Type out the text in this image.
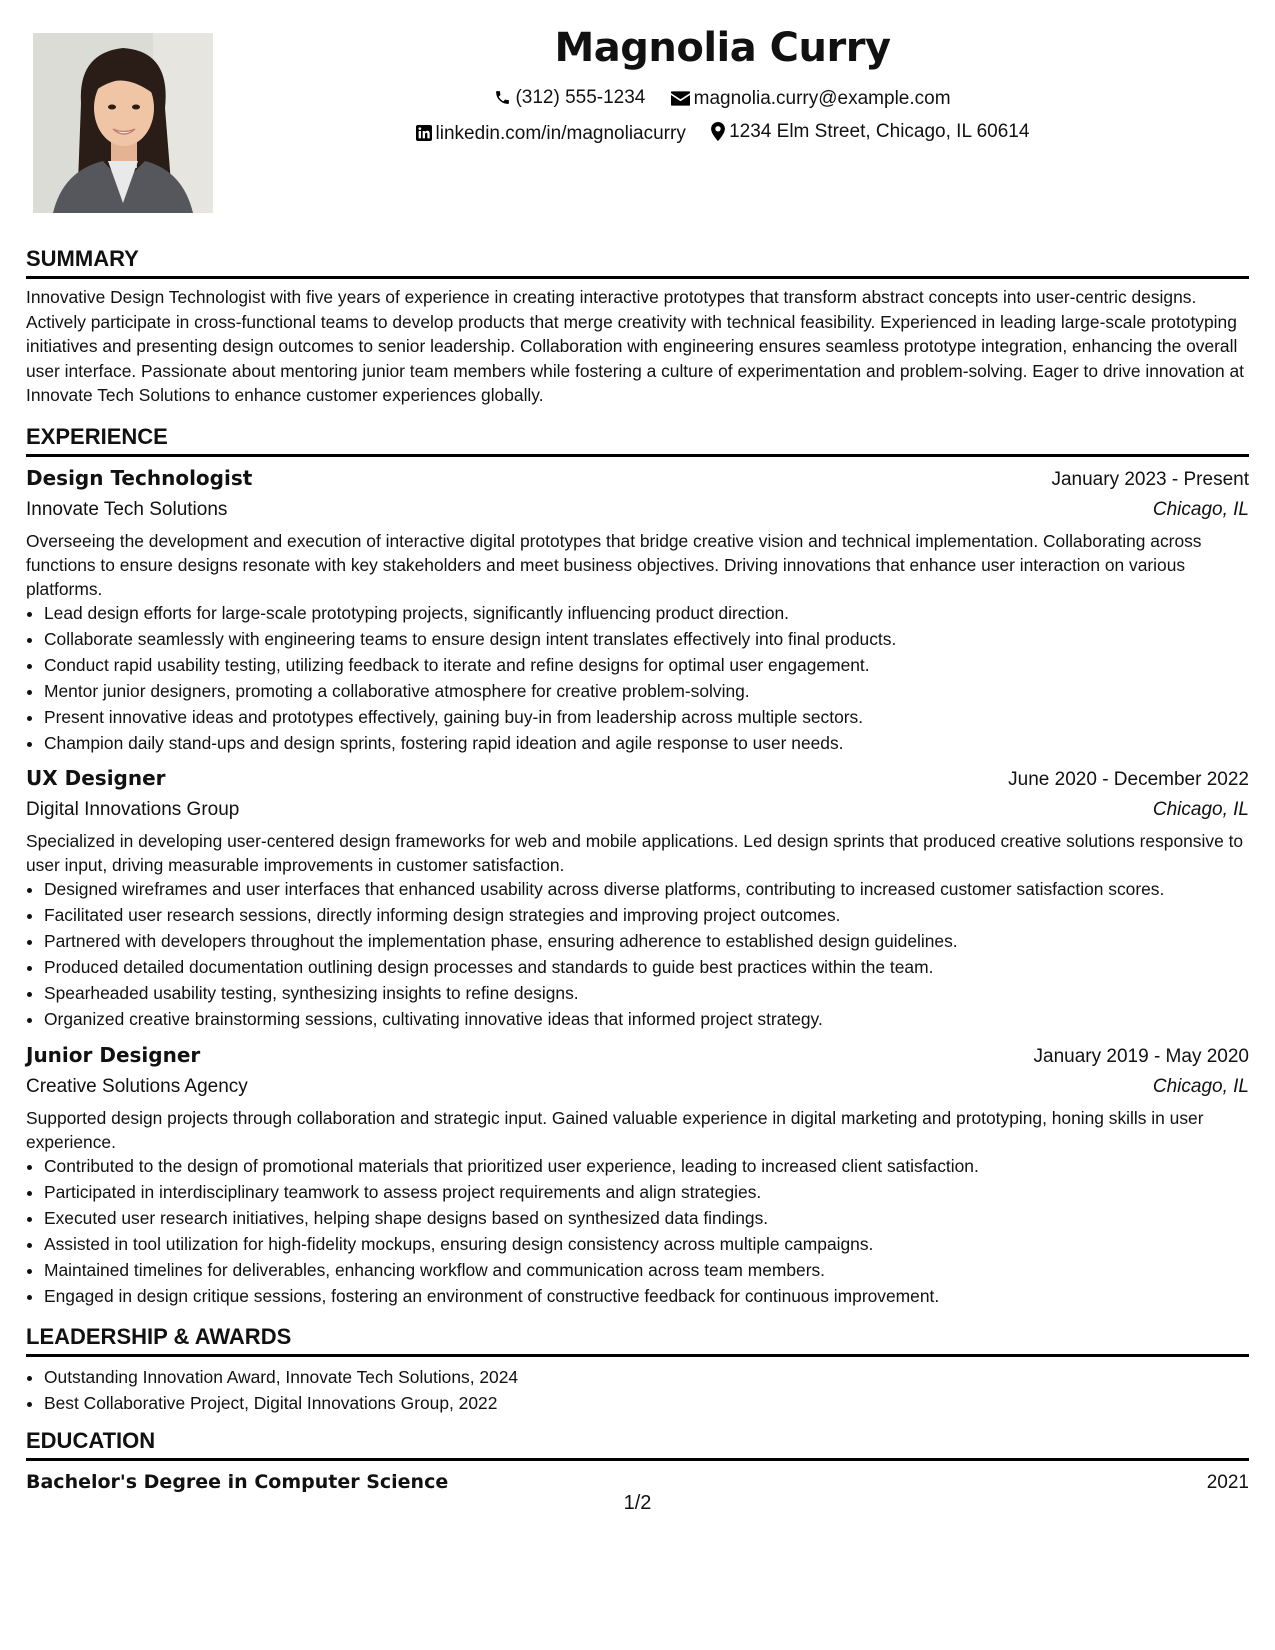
Magnolia Curry
(312) 555-1234
	magnolia.curry@example.com
linkedin.com/in/magnoliacurry
1234 Elm Street, Chicago, IL 60614
SUMMARY

Innovative Design Technologist with five years of experience in creating interactive prototypes that transform abstract concepts into user-centric designs. Actively participate in cross-functional teams to develop products that merge creativity with technical feasibility. Experienced in leading large-scale prototyping initiatives and presenting design outcomes to senior leadership. Collaboration with engineering ensures seamless prototype integration, enhancing the overall user interface. Passionate about mentoring junior team members while fostering a culture of experimentation and problem-solving. Eager to drive innovation at Innovate Tech Solutions to enhance customer experiences globally.

EXPERIENCE
Design Technologist	January 2023 - Present
Innovate Tech Solutions	Chicago, IL

Overseeing the development and execution of interactive digital prototypes that bridge creative vision and technical implementation. Collaborating across functions to ensure designs resonate with key stakeholders and meet business objectives. Driving innovations that enhance user interaction on various platforms.

• Lead design efforts for large-scale prototyping projects, significantly influencing product direction.
• Collaborate seamlessly with engineering teams to ensure design intent translates effectively into final products.
• Conduct rapid usability testing, utilizing feedback to iterate and refine designs for optimal user engagement.
• Mentor junior designers, promoting a collaborative atmosphere for creative problem-solving.
• Present innovative ideas and prototypes effectively, gaining buy-in from leadership across multiple sectors.
• Champion daily stand-ups and design sprints, fostering rapid ideation and agile response to user needs.
UX Designer	June 2020 - December 2022
Digital Innovations Group	Chicago, IL

Specialized in developing user-centered design frameworks for web and mobile applications. Led design sprints that produced creative solutions responsive to user input, driving measurable improvements in customer satisfaction.

• Designed wireframes and user interfaces that enhanced usability across diverse platforms, contributing to increased customer satisfaction scores.
• Facilitated user research sessions, directly informing design strategies and improving project outcomes.
• Partnered with developers throughout the implementation phase, ensuring adherence to established design guidelines.
• Produced detailed documentation outlining design processes and standards to guide best practices within the team.
• Spearheaded usability testing, synthesizing insights to refine designs.
• Organized creative brainstorming sessions, cultivating innovative ideas that informed project strategy.
Junior Designer	January 2019 - May 2020
Creative Solutions Agency	Chicago, IL

Supported design projects through collaboration and strategic input. Gained valuable experience in digital marketing and prototyping, honing skills in user experience.

• Contributed to the design of promotional materials that prioritized user experience, leading to increased client satisfaction.
• Participated in interdisciplinary teamwork to assess project requirements and align strategies.
• Executed user research initiatives, helping shape designs based on synthesized data findings.
• Assisted in tool utilization for high-fidelity mockups, ensuring design consistency across multiple campaigns.
• Maintained timelines for deliverables, enhancing workflow and communication across team members.
• Engaged in design critique sessions, fostering an environment of constructive feedback for continuous improvement.
LEADERSHIP & AWARDS
• Outstanding Innovation Award, Innovate Tech Solutions, 2024
• Best Collaborative Project, Digital Innovations Group, 2022
EDUCATION
Bachelor's Degree in Computer Science	2021
1/2
